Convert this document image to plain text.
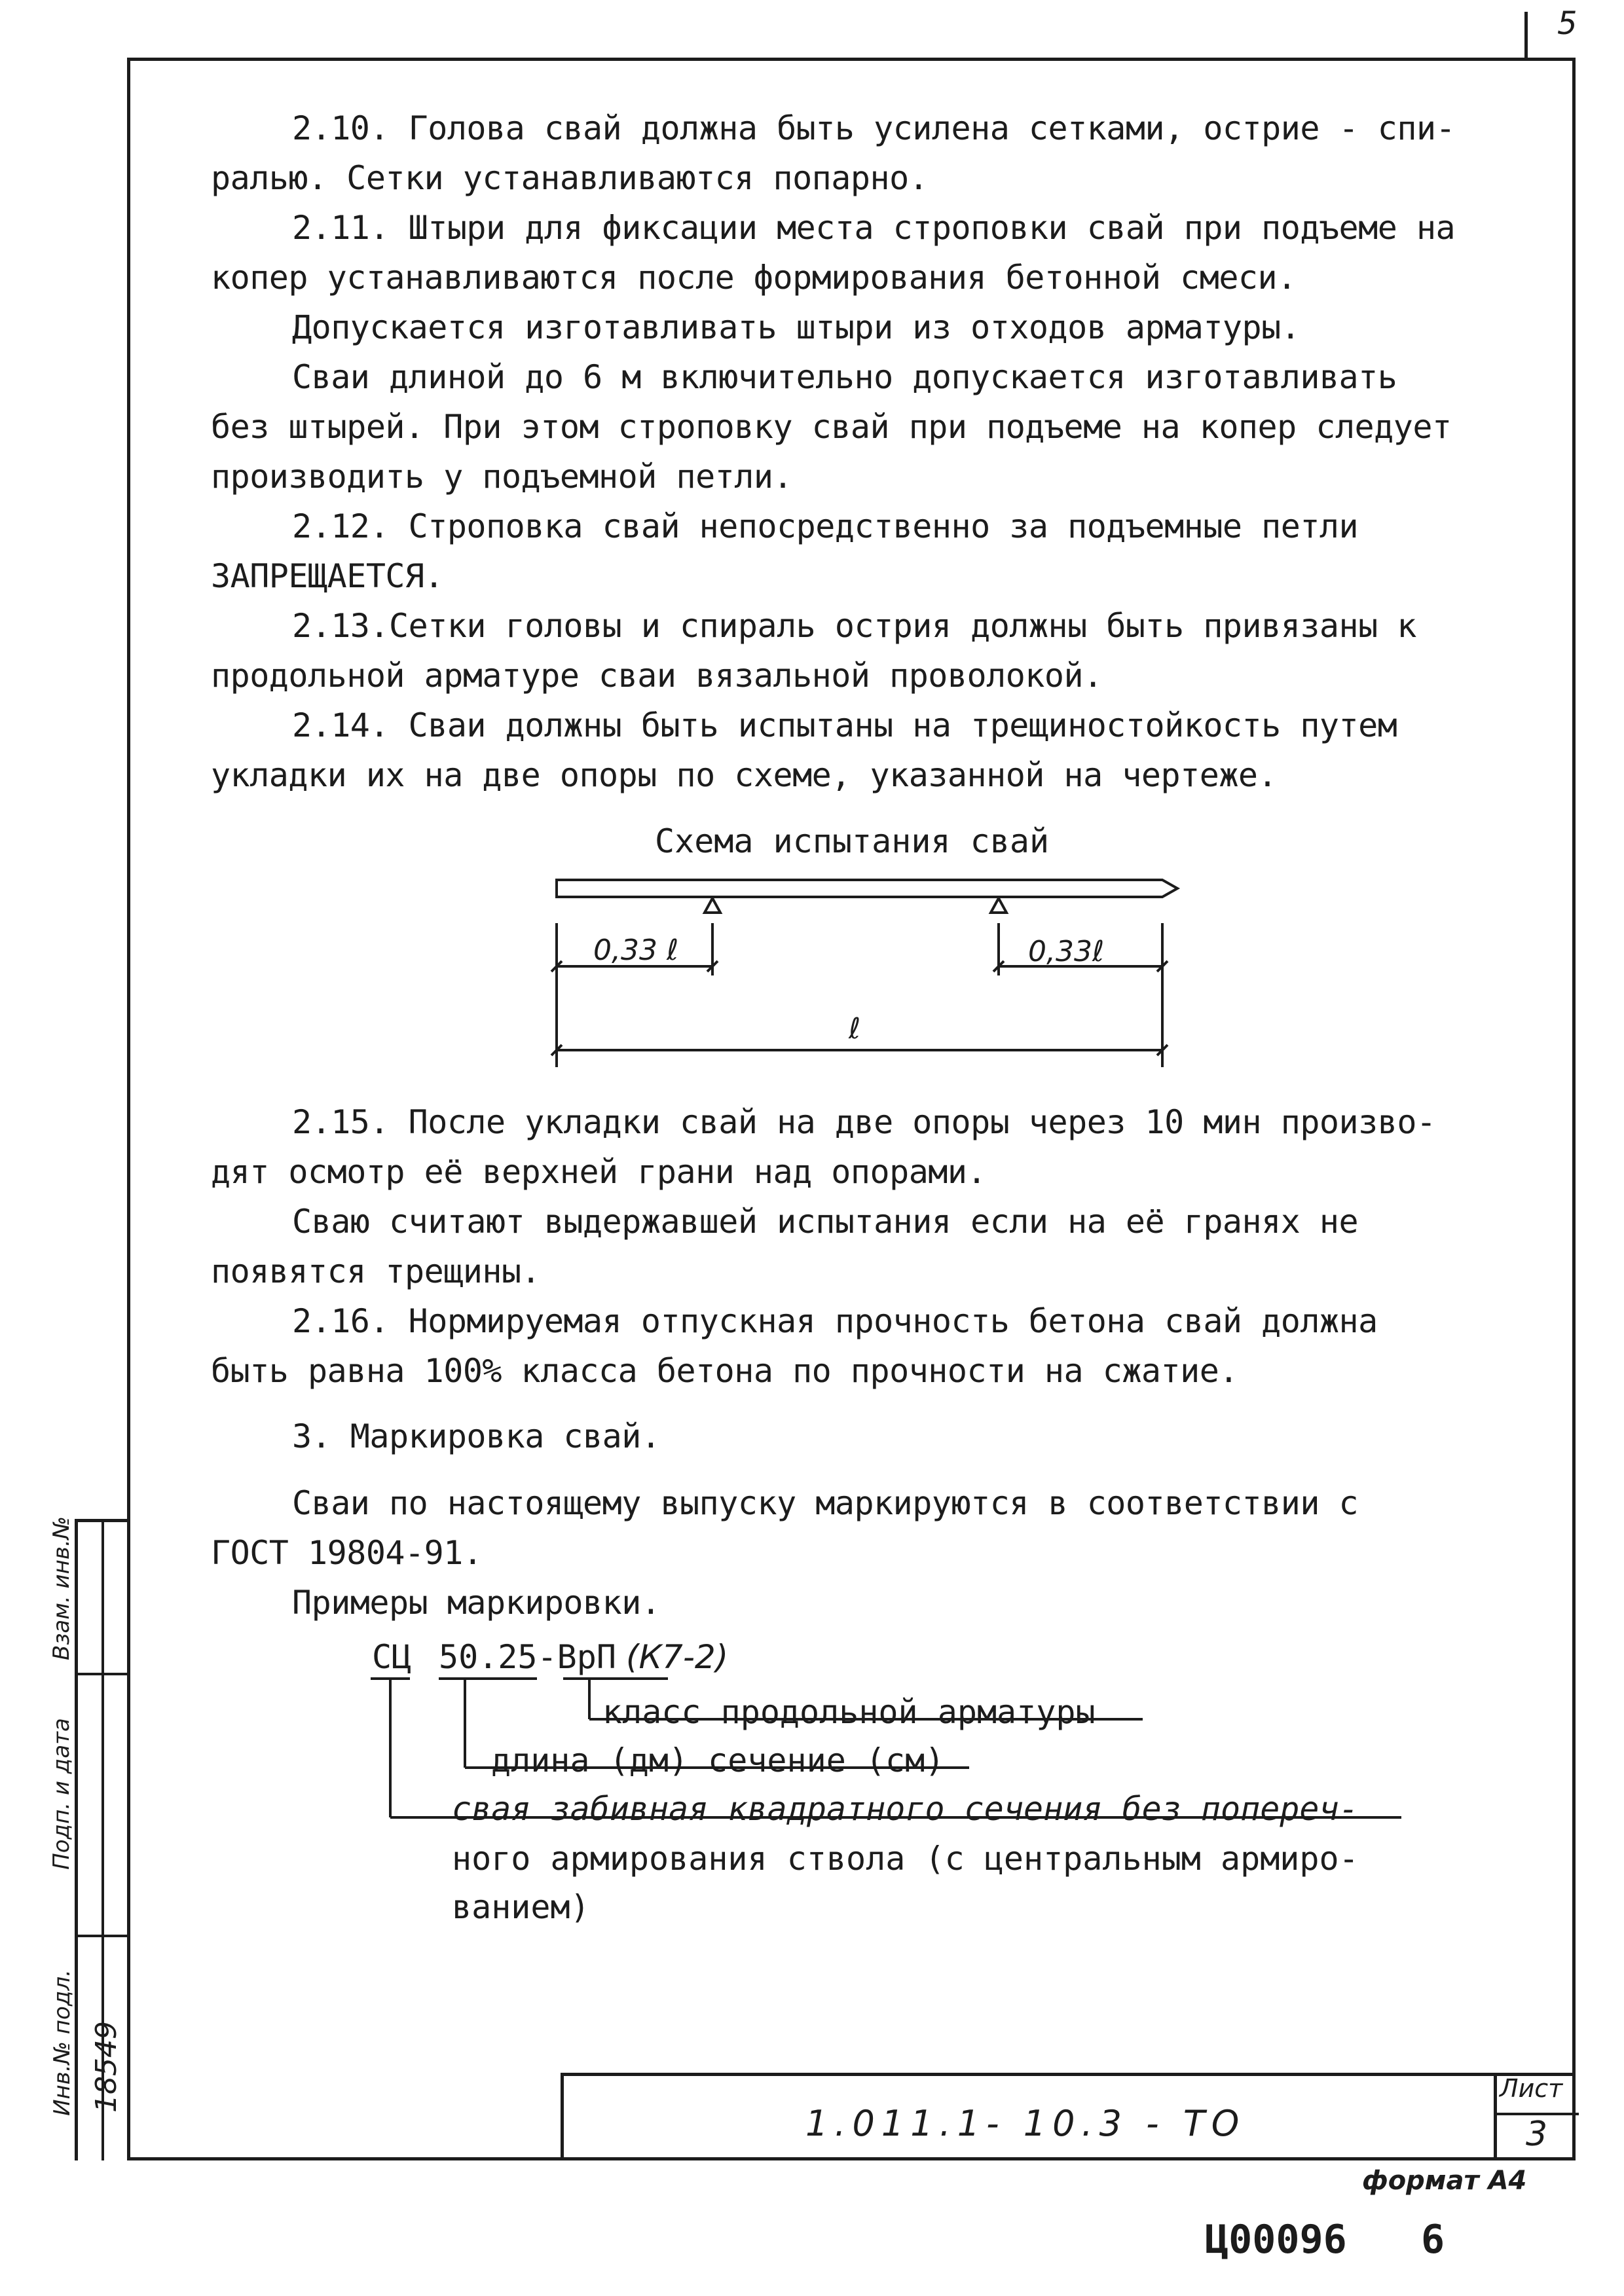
5
2.10. Голова свай должна быть усилена сетками, острие - спи-
ралью. Сетки устанавливаются попарно.
2.11. Штыри для фиксации места строповки свай при подъеме на
копер устанавливаются после формирования бетонной смеси.
Допускается изготавливать штыри из отходов арматуры.
Сваи длиной до 6 м включительно допускается изготавливать
без штырей. При этом строповку свай при подъеме на копер следует
производить у подъемной петли.
2.12. Строповка свай непосредственно за подъемные петли
ЗАПРЕЩАЕТСЯ.
2.13.Сетки головы и спираль острия должны быть привязаны к
продольной арматуре сваи вязальной проволокой.
2.14. Сваи должны быть испытаны на трещиностойкость путем
укладки их на две опоры по схеме, указанной на чертеже.
2.15. После укладки свай на две опоры через 10 мин произво-
дят осмотр её верхней грани над опорами.
Сваю считают выдержавшей испытания если на её гранях не
появятся трещины.
2.16. Нормируемая отпускная прочность бетона свай должна
быть равна 100% класса бетона по прочности на сжатие.
3. Маркировка свай.
Сваи по настоящему выпуску маркируются в соответствии с
ГОСТ 19804-91.
Примеры маркировки.
Схема испытания свай
0,33 ℓ	0,33ℓ
ℓ
СЦ 50.25-ВрП (К7-2)
класс продольной арматуры
длина (дм) сечение (см)
свая забивная квадратного сечения без попереч-
ного армирования ствола (с центральным армиро-
ванием)
Взам. инв.№
Подп. и дата
Инв.№ подл. 18549
1.011.1- 10.3 - ТО
Лист
3
формат А4
Ц00096 6
